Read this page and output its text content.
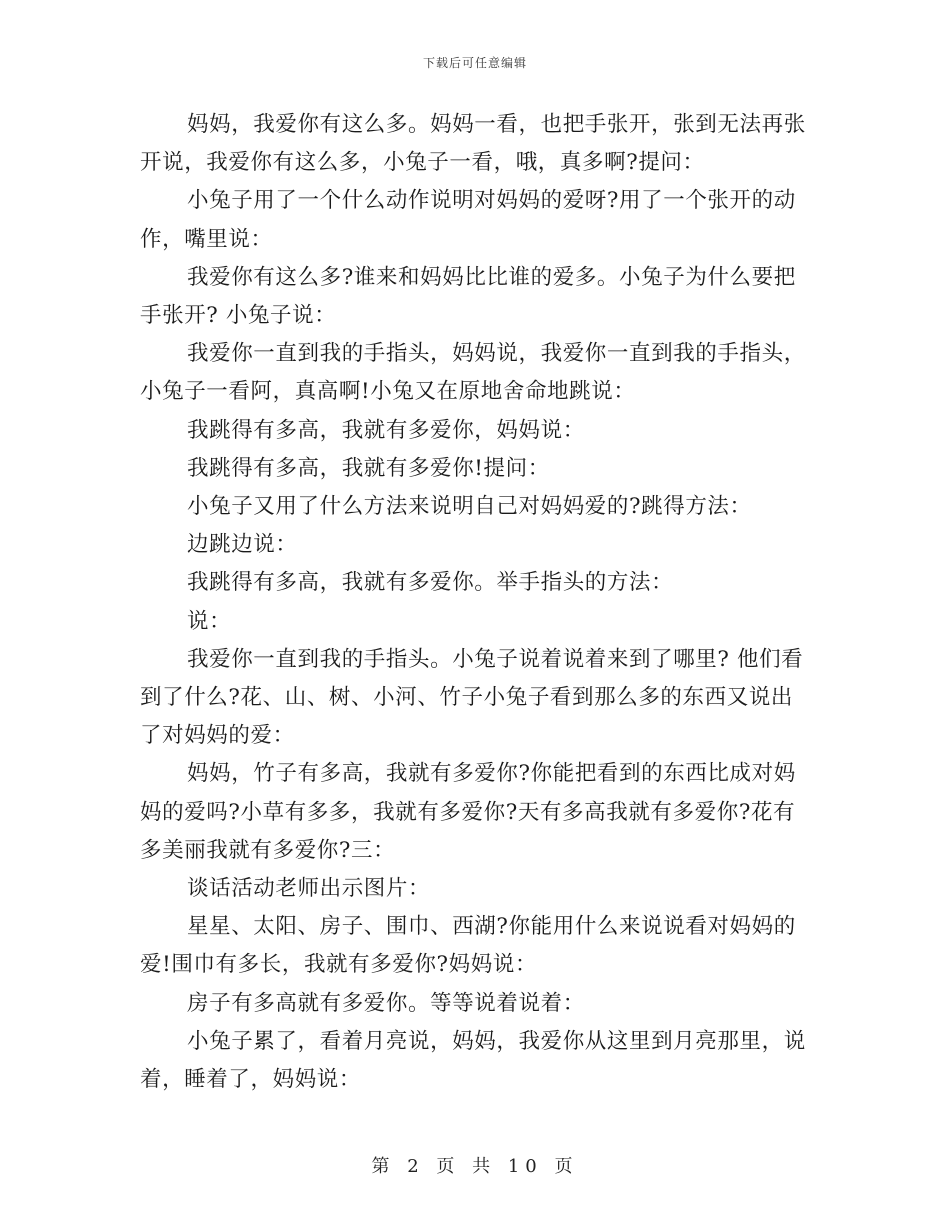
下载后可任意编辑

妈妈，我爱你有这么多。妈妈一看，也把手张开，张到无法再张开说，我爱你有这么多，小兔子一看，哦，真多啊?提问：

小兔子用了一个什么动作说明对妈妈的爱呀?用了一个张开的动作，嘴里说：

我爱你有这么多?谁来和妈妈比比谁的爱多。小兔子为什么要把手张开? 小兔子说：

我爱你一直到我的手指头，妈妈说，我爱你一直到我的手指头，小兔子一看阿，真高啊!小兔又在原地舍命地跳说：

我跳得有多高，我就有多爱你，妈妈说：

我跳得有多高，我就有多爱你!提问：

小兔子又用了什么方法来说明自己对妈妈爱的?跳得方法：

边跳边说：

我跳得有多高，我就有多爱你。举手指头的方法：

说：

我爱你一直到我的手指头。小兔子说着说着来到了哪里? 他们看到了什么?花、山、树、小河、竹子小兔子看到那么多的东西又说出了对妈妈的爱：

妈妈，竹子有多高，我就有多爱你?你能把看到的东西比成对妈妈的爱吗?小草有多多，我就有多爱你?天有多高我就有多爱你?花有多美丽我就有多爱你?三：

谈话活动老师出示图片：

星星、太阳、房子、围巾、西湖?你能用什么来说说看对妈妈的爱!围巾有多长，我就有多爱你?妈妈说：

房子有多高就有多爱你。等等说着说着：

小兔子累了，看着月亮说，妈妈，我爱你从这里到月亮那里，说着，睡着了，妈妈说：

第 2 页 共 10 页
